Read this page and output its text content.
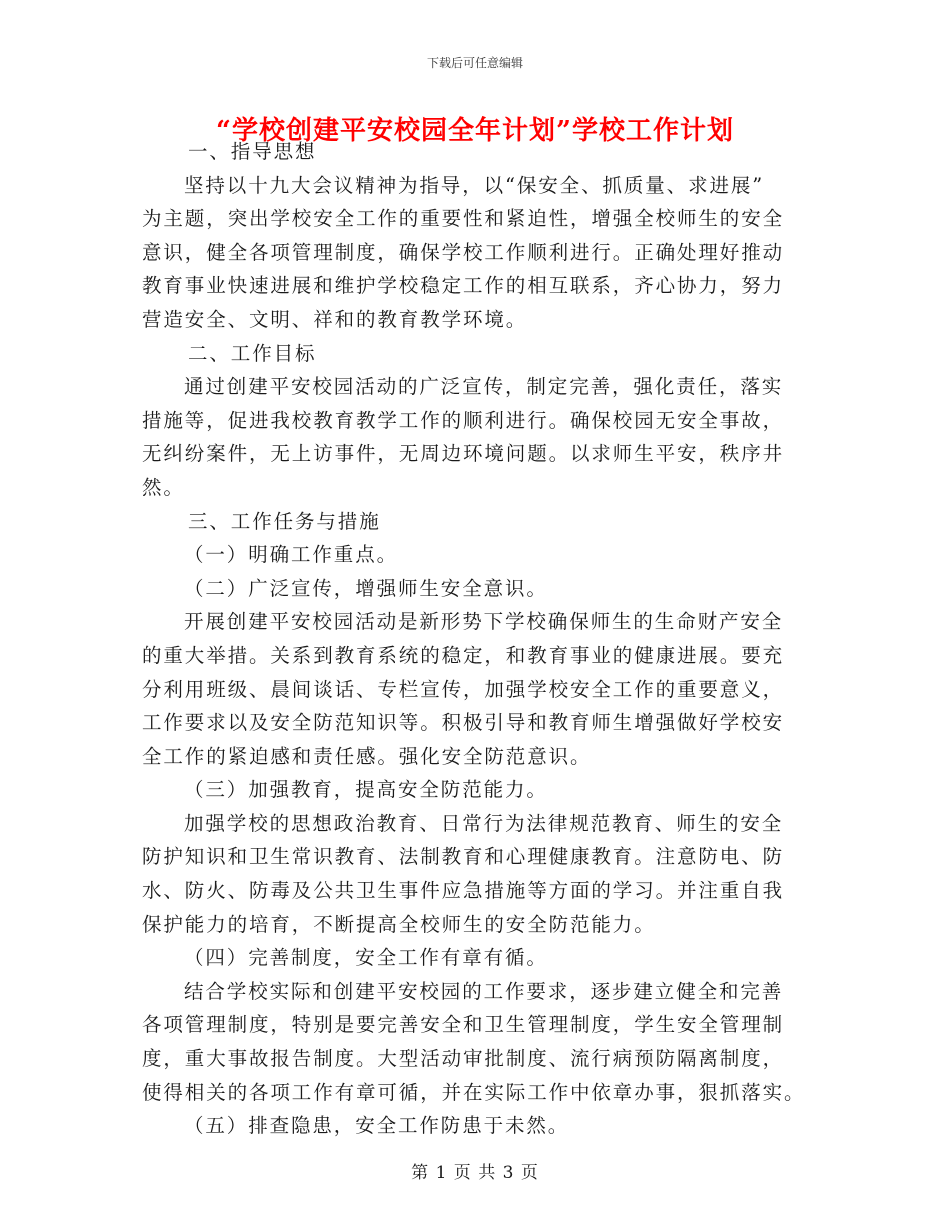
下载后可任意编辑
“学校创建平安校园全年计划”学校工作计划
一、指导思想
坚持以十九大会议精神为指导，以“保安全、抓质量、求进展”
为主题，突出学校安全工作的重要性和紧迫性，增强全校师生的安全
意识，健全各项管理制度，确保学校工作顺利进行。正确处理好推动
教育事业快速进展和维护学校稳定工作的相互联系，齐心协力，努力
营造安全、文明、祥和的教育教学环境。
二、工作目标
通过创建平安校园活动的广泛宣传，制定完善，强化责任，落实
措施等，促进我校教育教学工作的顺利进行。确保校园无安全事故，
无纠纷案件，无上访事件，无周边环境问题。以求师生平安，秩序井
然。
三、工作任务与措施
（一）明确工作重点。
（二）广泛宣传，增强师生安全意识。
开展创建平安校园活动是新形势下学校确保师生的生命财产安全
的重大举措。关系到教育系统的稳定，和教育事业的健康进展。要充
分利用班级、晨间谈话、专栏宣传，加强学校安全工作的重要意义，
工作要求以及安全防范知识等。积极引导和教育师生增强做好学校安
全工作的紧迫感和责任感。强化安全防范意识。
（三）加强教育，提高安全防范能力。
加强学校的思想政治教育、日常行为法律规范教育、师生的安全
防护知识和卫生常识教育、法制教育和心理健康教育。注意防电、防
水、防火、防毒及公共卫生事件应急措施等方面的学习。并注重自我
保护能力的培育，不断提高全校师生的安全防范能力。
（四）完善制度，安全工作有章有循。
结合学校实际和创建平安校园的工作要求，逐步建立健全和完善
各项管理制度，特别是要完善安全和卫生管理制度，学生安全管理制
度，重大事故报告制度。大型活动审批制度、流行病预防隔离制度，
使得相关的各项工作有章可循，并在实际工作中依章办事，狠抓落实。
（五）排查隐患，安全工作防患于未然。
第 1 页 共 3 页
